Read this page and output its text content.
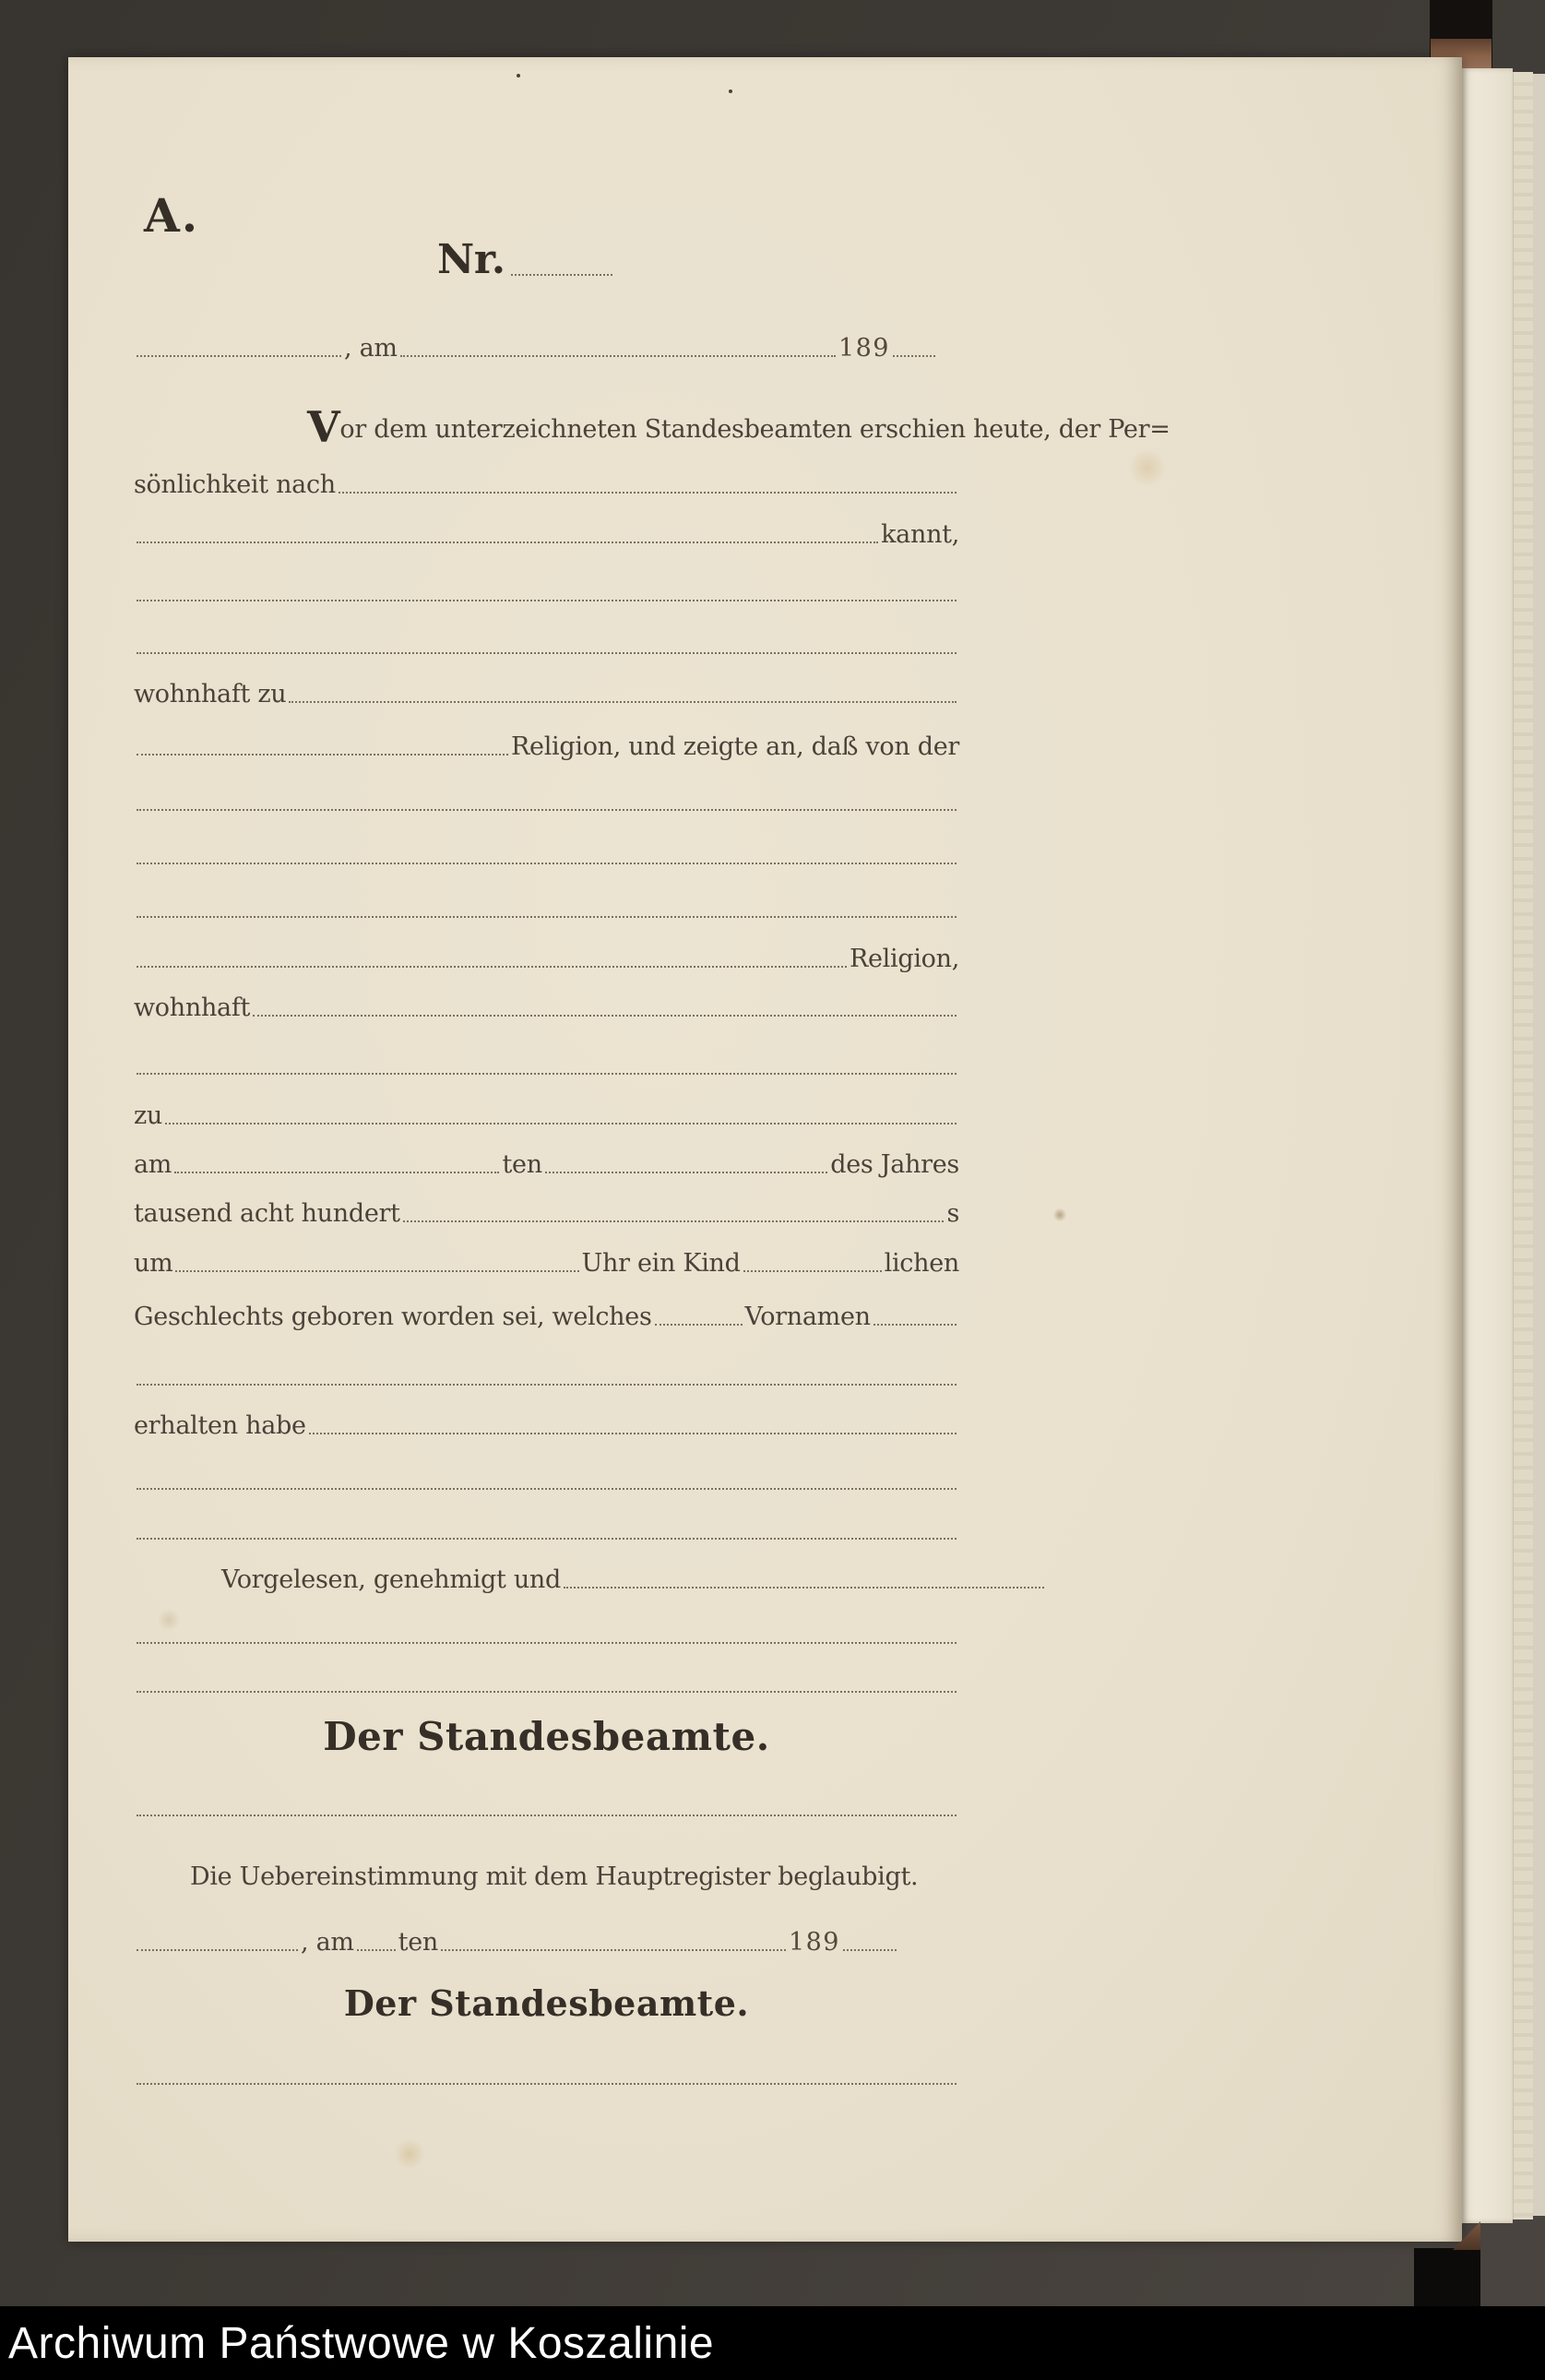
A.
Nr.
, am	189
V or dem unterzeichneten Standesbeamten erschien heute, der Per=
sönlichkeit nach
kannt,
wohnhaft zu
Religion, und zeigte an, daß von der
Religion,
wohnhaft
zu
am	ten	des Jahres
tausend acht hundert	s
um	Uhr ein Kind	lichen
Geschlechts geboren worden sei, welches	Vornamen
erhalten habe
Vorgelesen, genehmigt und
Der Standesbeamte.
Die Uebereinstimmung mit dem Hauptregister beglaubigt.
, am ten	189
Der Standesbeamte.
Archiwum Państwowe w Koszalinie
